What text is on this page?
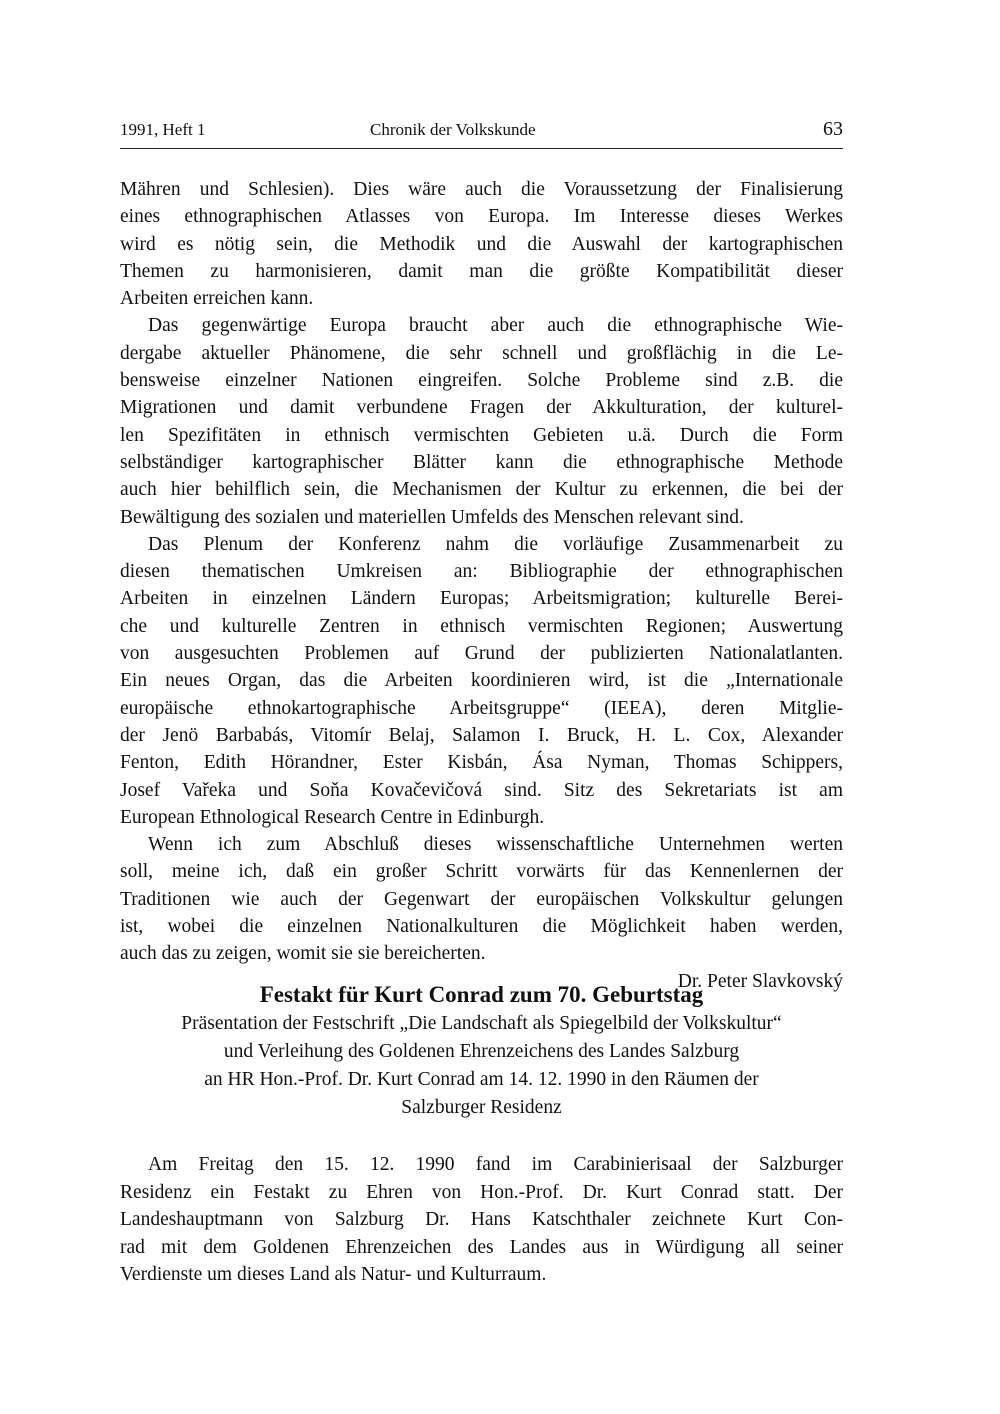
1991, Heft 1	Chronik der Volkskunde	63
Mähren und Schlesien). Dies wäre auch die Voraussetzung der Finalisierung
eines ethnographischen Atlasses von Europa. Im Interesse dieses Werkes
wird es nötig sein, die Methodik und die Auswahl der kartographischen
Themen zu harmonisieren, damit man die größte Kompatibilität dieser
Arbeiten erreichen kann.
Das gegenwärtige Europa braucht aber auch die ethnographische Wie-
dergabe aktueller Phänomene, die sehr schnell und großflächig in die Le-
bensweise einzelner Nationen eingreifen. Solche Probleme sind z.B. die
Migrationen und damit verbundene Fragen der Akkulturation, der kulturel-
len Spezifitäten in ethnisch vermischten Gebieten u.ä. Durch die Form
selbständiger kartographischer Blätter kann die ethnographische Methode
auch hier behilflich sein, die Mechanismen der Kultur zu erkennen, die bei der
Bewältigung des sozialen und materiellen Umfelds des Menschen relevant sind.
Das Plenum der Konferenz nahm die vorläufige Zusammenarbeit zu
diesen thematischen Umkreisen an: Bibliographie der ethnographischen
Arbeiten in einzelnen Ländern Europas; Arbeitsmigration; kulturelle Berei-
che und kulturelle Zentren in ethnisch vermischten Regionen; Auswertung
von ausgesuchten Problemen auf Grund der publizierten Nationalatlanten.
Ein neues Organ, das die Arbeiten koordinieren wird, ist die „Internationale
europäische ethnokartographische Arbeitsgruppe“ (IEEA), deren Mitglie-
der Jenö Barbabás, Vitomír Belaj, Salamon I. Bruck, H. L. Cox, Alexander
Fenton, Edith Hörandner, Ester Kisbán, Ása Nyman, Thomas Schippers,
Josef Vařeka und Soňa Kovačevičová sind. Sitz des Sekretariats ist am
European Ethnological Research Centre in Edinburgh.
Wenn ich zum Abschluß dieses wissenschaftliche Unternehmen werten
soll, meine ich, daß ein großer Schritt vorwärts für das Kennenlernen der
Traditionen wie auch der Gegenwart der europäischen Volkskultur gelungen
ist, wobei die einzelnen Nationalkulturen die Möglichkeit haben werden,
auch das zu zeigen, womit sie sie bereicherten.
Dr. Peter Slavkovský
Festakt für Kurt Conrad zum 70. Geburtstag
Präsentation der Festschrift „Die Landschaft als Spiegelbild der Volkskultur“
und Verleihung des Goldenen Ehrenzeichens des Landes Salzburg
an HR Hon.-Prof. Dr. Kurt Conrad am 14. 12. 1990 in den Räumen der
Salzburger Residenz
Am Freitag den 15. 12. 1990 fand im Carabinierisaal der Salzburger
Residenz ein Festakt zu Ehren von Hon.-Prof. Dr. Kurt Conrad statt. Der
Landeshauptmann von Salzburg Dr. Hans Katschthaler zeichnete Kurt Con-
rad mit dem Goldenen Ehrenzeichen des Landes aus in Würdigung all seiner
Verdienste um dieses Land als Natur- und Kulturraum.
